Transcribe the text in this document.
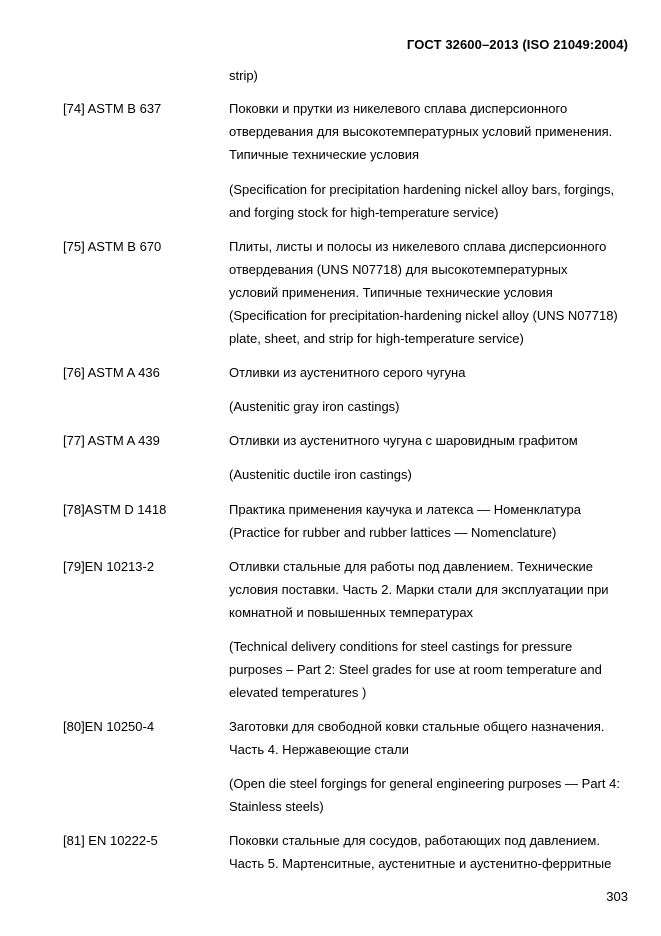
ГОСТ 32600–2013 (ISO 21049:2004)
strip)
[74] ASTM B 637	Поковки и прутки из никелевого сплава дисперсионного
отвердевания для высокотемпературных условий применения.
Типичные технические условия
(Specification for precipitation hardening nickel alloy bars, forgings,
and forging stock for high-temperature service)
[75] ASTM B 670	Плиты, листы и полосы из никелевого сплава дисперсионного
отвердевания (UNS N07718) для высокотемпературных
условий применения. Типичные технические условия
(Specification for precipitation-hardening nickel alloy (UNS N07718)
plate, sheet, and strip for high-temperature service)
[76] ASTM A 436	Отливки из аустенитного серого чугуна
(Austenitic gray iron castings)
[77] ASTM A 439	Отливки из аустенитного чугуна с шаровидным графитом
(Austenitic ductile iron castings)
[78]ASTM D 1418	Практика применения каучука и латекса — Номенклатура
(Practice for rubber and rubber lattices — Nomenclature)
[79]EN 10213-2	Отливки стальные для работы под давлением. Технические
условия поставки. Часть 2. Марки стали для эксплуатации при
комнатной и повышенных температурах
(Technical delivery conditions for steel castings for pressure
purposes – Part 2: Steel grades for use at room temperature and
elevated temperatures )
[80]EN 10250-4	Заготовки для свободной ковки стальные общего назначения.
Часть 4. Нержавеющие стали
(Open die steel forgings for general engineering purposes — Part 4:
Stainless steels)
[81] EN 10222-5	Поковки стальные для сосудов, работающих под давлением.
Часть 5. Мартенситные, аустенитные и аустенитно-ферритные
303
